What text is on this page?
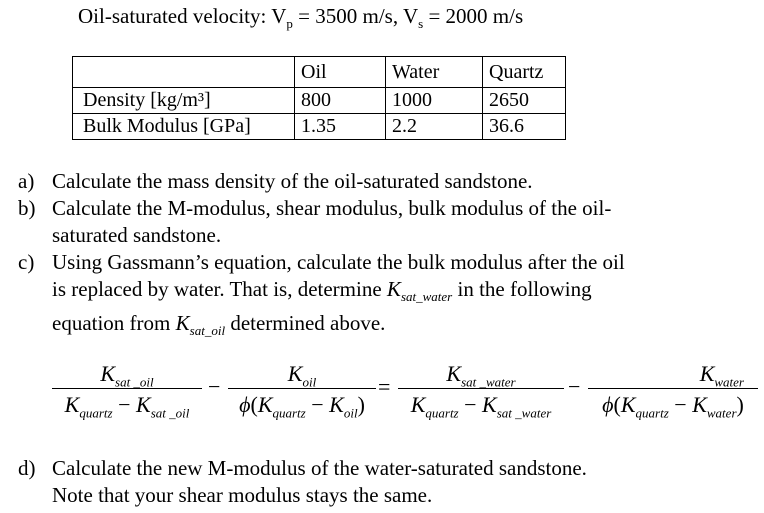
Oil-saturated velocity: $V_p = 3500$ m/s, $V_s = 2000$ m/s
	Oil	Water	Quartz
Density [kg/m³]	800	1000	2650
Bulk Modulus [GPa]	1.35	2.2	36.6
a) Calculate the mass density of the oil-saturated sandstone.
b) Calculate the M-modulus, shear modulus, bulk modulus of the oil-
saturated sandstone.
c) Using Gassmann’s equation, calculate the bulk modulus after the oil
is replaced by water. That is, determine $K_{sat\_water}$ in the following
equation from $K_{sat\_oil}$ determined above.
$K_{sat \_oil}$
$K_{quartz} - K_{sat \_oil}$
−
$K_{oil}$
$\phi(K_{quartz} - K_{oil})$
=
$K_{sat \_water}$
$K_{quartz} - K_{sat \_water}$
−
$K_{water}$
$\phi(K_{quartz} - K_{water})$
d) Calculate the new M-modulus of the water-saturated sandstone.
Note that your shear modulus stays the same.
